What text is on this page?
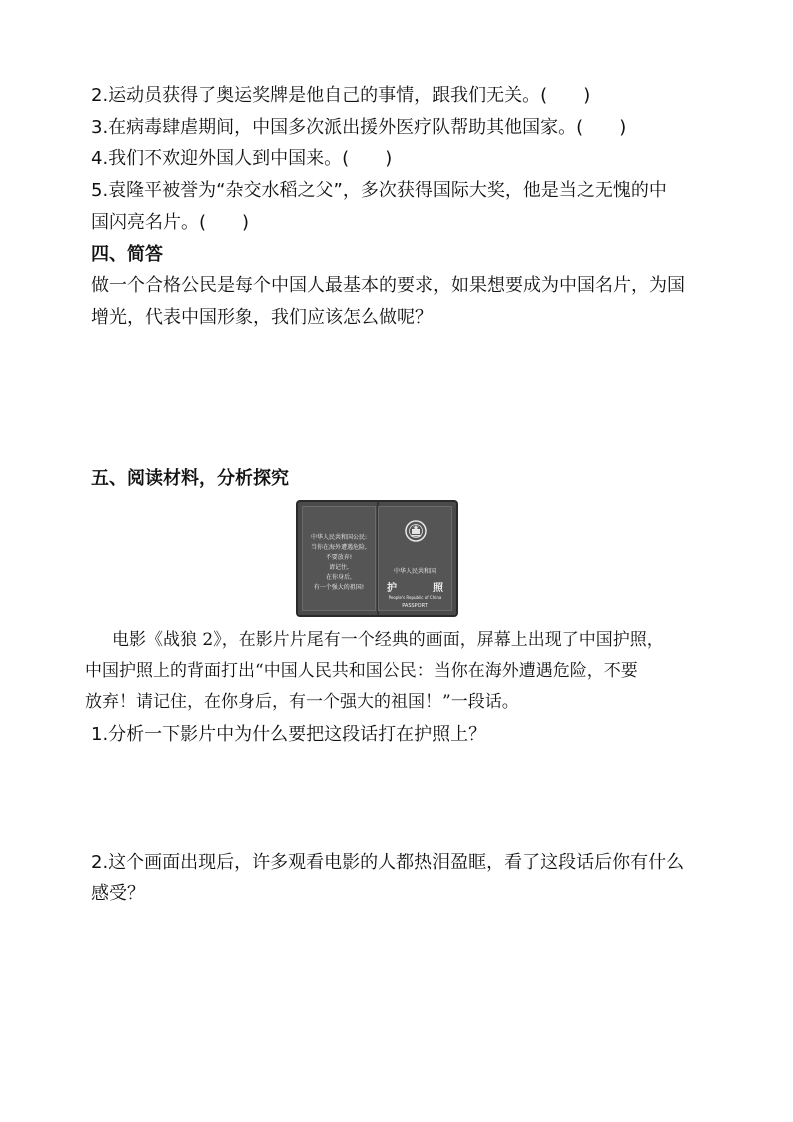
2.运动员获得了奥运奖牌是他自己的事情，跟我们无关。(　　)
3.在病毒肆虐期间，中国多次派出援外医疗队帮助其他国家。(　　)
4.我们不欢迎外国人到中国来。(　　)
5.袁隆平被誉为“杂交水稻之父”，多次获得国际大奖，他是当之无愧的中
国闪亮名片。(　　)
四、简答
做一个合格公民是每个中国人最基本的要求，如果想要成为中国名片，为国
增光，代表中国形象，我们应该怎么做呢？
五、阅读材料，分析探究
中华人民共和国公民:
当你在海外遭遇危险,
不要放弃!
请记住,
在你身后,
有一个强大的祖国!
中华人民共和国
护	照
People's Republic of China
PASSPORT
电影《战狼 2》，在影片片尾有一个经典的画面，屏幕上出现了中国护照，
中国护照上的背面打出“中国人民共和国公民：当你在海外遭遇危险，不要
放弃！请记住，在你身后，有一个强大的祖国！”一段话。
1.分析一下影片中为什么要把这段话打在护照上？
2.这个画面出现后，许多观看电影的人都热泪盈眶，看了这段话后你有什么
感受？
